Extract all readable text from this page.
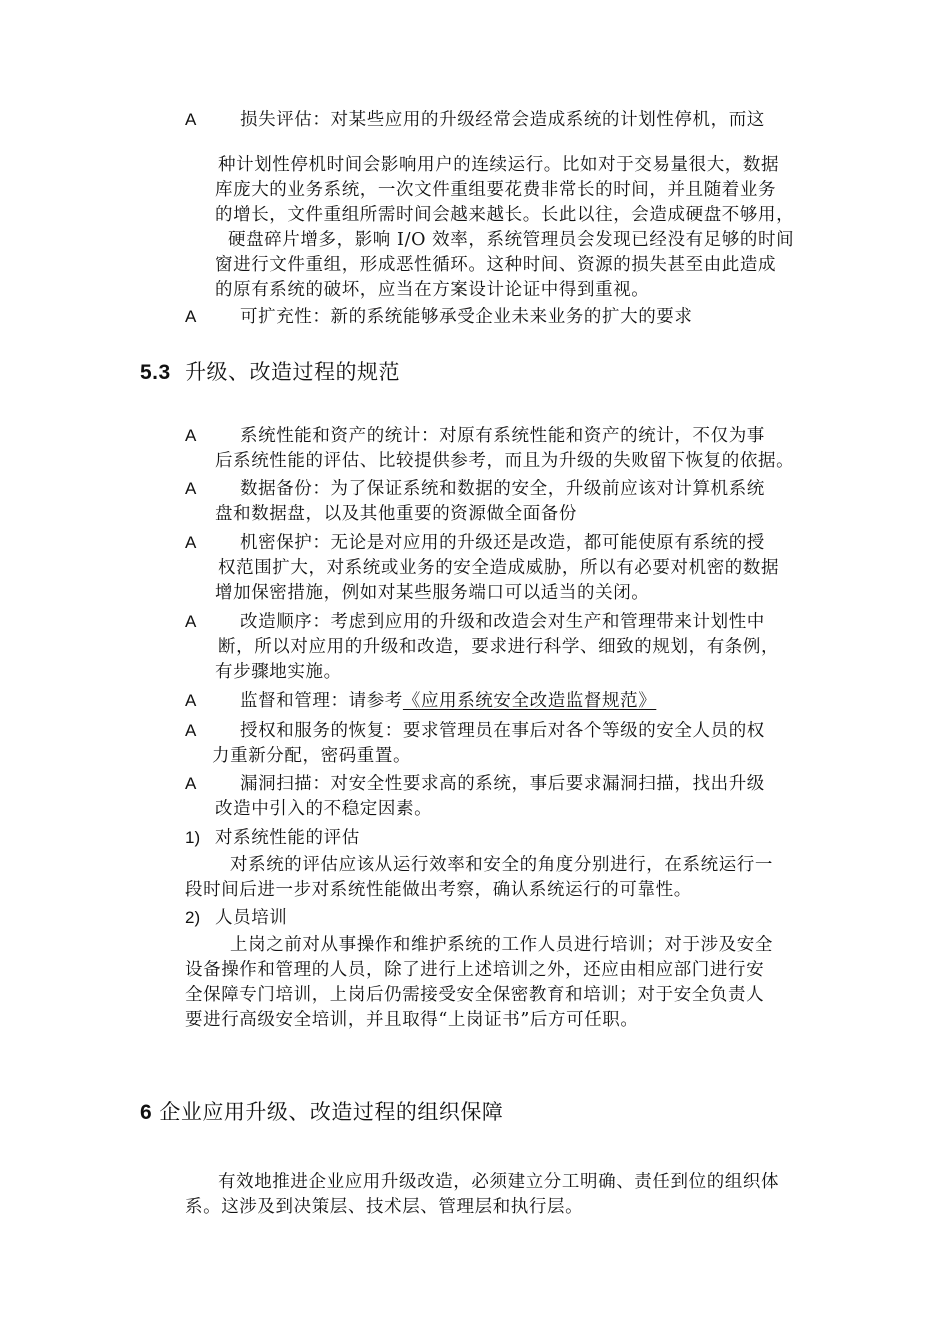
A 损失评估：对某些应用的升级经常会造成系统的计划性停机，而这
种计划性停机时间会影响用户的连续运行。比如对于交易量很大，数据
库庞大的业务系统，一次文件重组要花费非常长的时间，并且随着业务
的增长，文件重组所需时间会越来越长。长此以往，会造成硬盘不够用，
硬盘碎片增多，影响 I/O 效率，系统管理员会发现已经没有足够的时间
窗进行文件重组，形成恶性循环。这种时间、资源的损失甚至由此造成
的原有系统的破坏，应当在方案设计论证中得到重视。
A 可扩充性：新的系统能够承受企业未来业务的扩大的要求
5.3 升级、改造过程的规范
A 系统性能和资产的统计：对原有系统性能和资产的统计，不仅为事
后系统性能的评估、比较提供参考，而且为升级的失败留下恢复的依据。
A 数据备份：为了保证系统和数据的安全，升级前应该对计算机系统
盘和数据盘，以及其他重要的资源做全面备份
A 机密保护：无论是对应用的升级还是改造，都可能使原有系统的授
权范围扩大，对系统或业务的安全造成威胁，所以有必要对机密的数据
增加保密措施，例如对某些服务端口可以适当的关闭。
A 改造顺序：考虑到应用的升级和改造会对生产和管理带来计划性中
断，所以对应用的升级和改造，要求进行科学、细致的规划，有条例，
有步骤地实施。
A 监督和管理：请参考《应用系统安全改造监督规范》
A 授权和服务的恢复：要求管理员在事后对各个等级的安全人员的权
力重新分配，密码重置。
A 漏洞扫描：对安全性要求高的系统，事后要求漏洞扫描，找出升级
改造中引入的不稳定因素。
1) 对系统性能的评估
对系统的评估应该从运行效率和安全的角度分别进行，在系统运行一
段时间后进一步对系统性能做出考察，确认系统运行的可靠性。
2) 人员培训
上岗之前对从事操作和维护系统的工作人员进行培训；对于涉及安全
设备操作和管理的人员，除了进行上述培训之外，还应由相应部门进行安
全保障专门培训，上岗后仍需接受安全保密教育和培训；对于安全负责人
要进行高级安全培训，并且取得“上岗证书”后方可任职。
6 企业应用升级、改造过程的组织保障
有效地推进企业应用升级改造，必须建立分工明确、责任到位的组织体
系。这涉及到决策层、技术层、管理层和执行层。
